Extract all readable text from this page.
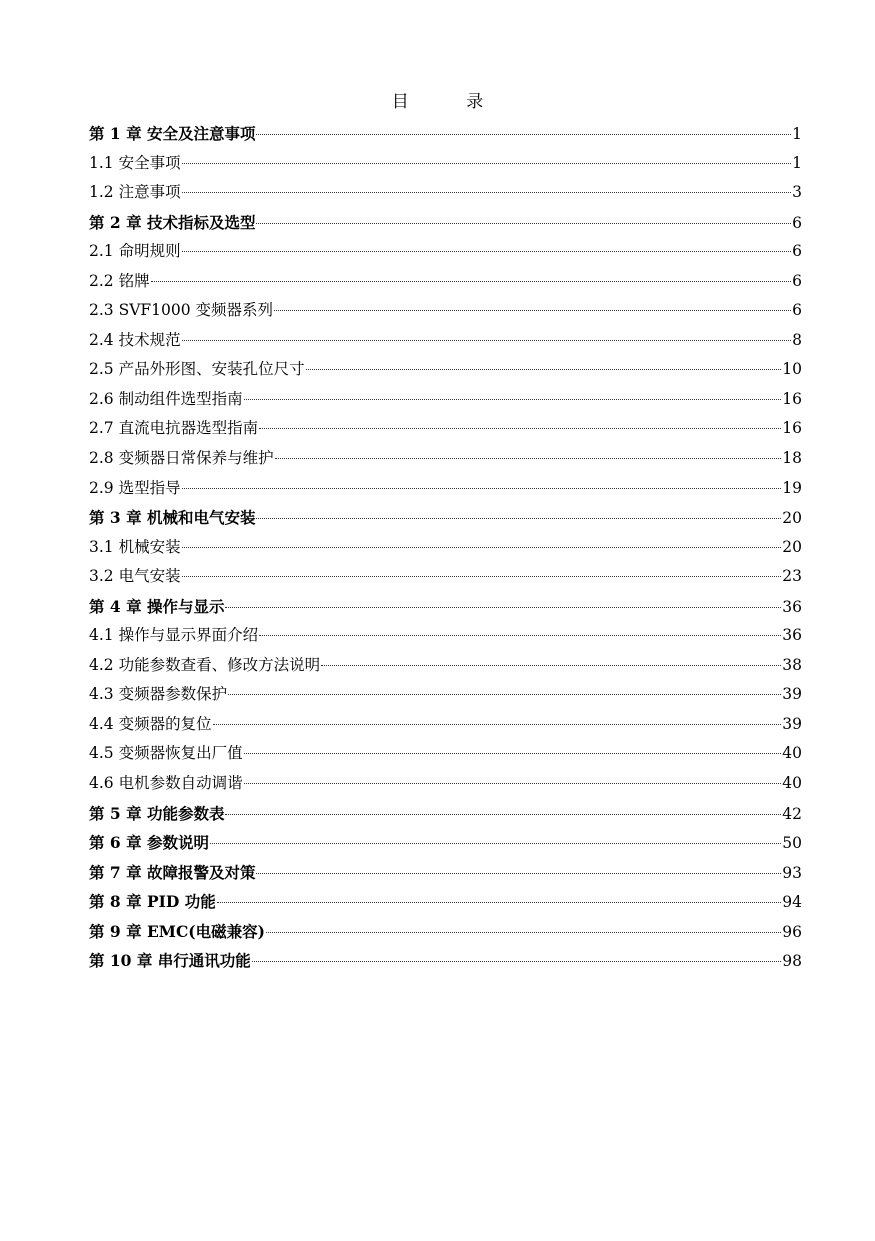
目 录
第 1 章 安全及注意事项	1
1.1 安全事项	1
1.2 注意事项	3
第 2 章 技术指标及选型	6
2.1 命明规则	6
2.2 铭牌	6
2.3 SVF1000 变频器系列	6
2.4 技术规范	8
2.5 产品外形图、安装孔位尺寸	10
2.6 制动组件选型指南	16
2.7 直流电抗器选型指南	16
2.8 变频器日常保养与维护	18
2.9 选型指导	19
第 3 章 机械和电气安装	20
3.1 机械安装	20
3.2 电气安装	23
第 4 章 操作与显示	36
4.1 操作与显示界面介绍	36
4.2 功能参数查看、修改方法说明	38
4.3 变频器参数保护	39
4.4 变频器的复位	39
4.5 变频器恢复出厂值	40
4.6 电机参数自动调谐	40
第 5 章 功能参数表	42
第 6 章 参数说明	50
第 7 章 故障报警及对策	93
第 8 章 PID 功能	94
第 9 章 EMC(电磁兼容)	96
第 10 章 串行通讯功能	98
